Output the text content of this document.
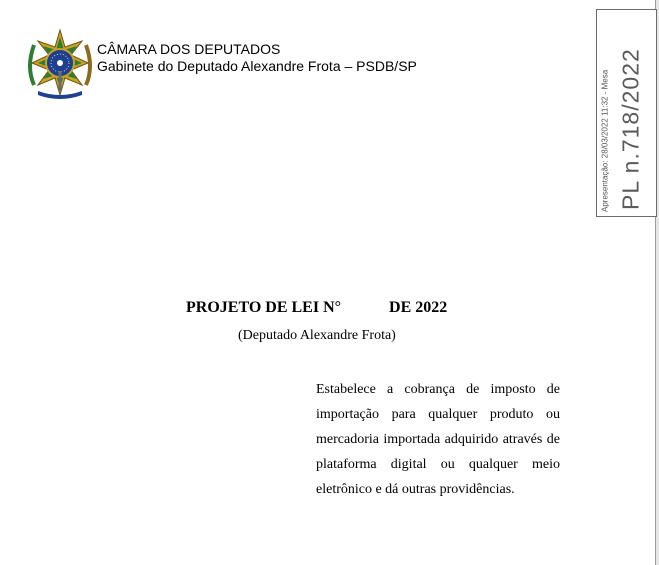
CÂMARA DOS DEPUTADOS
Gabinete do Deputado Alexandre Frota – PSDB/SP
Apresentação: 28/03/2022 11:32 - Mesa PL n.718/2022
PROJETO DE LEI N°	DE 2022
(Deputado Alexandre Frota)
Estabelece a cobrança de imposto de importação para qualquer produto ou mercadoria importada adquirido através de plataforma digital ou qualquer meio eletrônico e dá outras providências.
